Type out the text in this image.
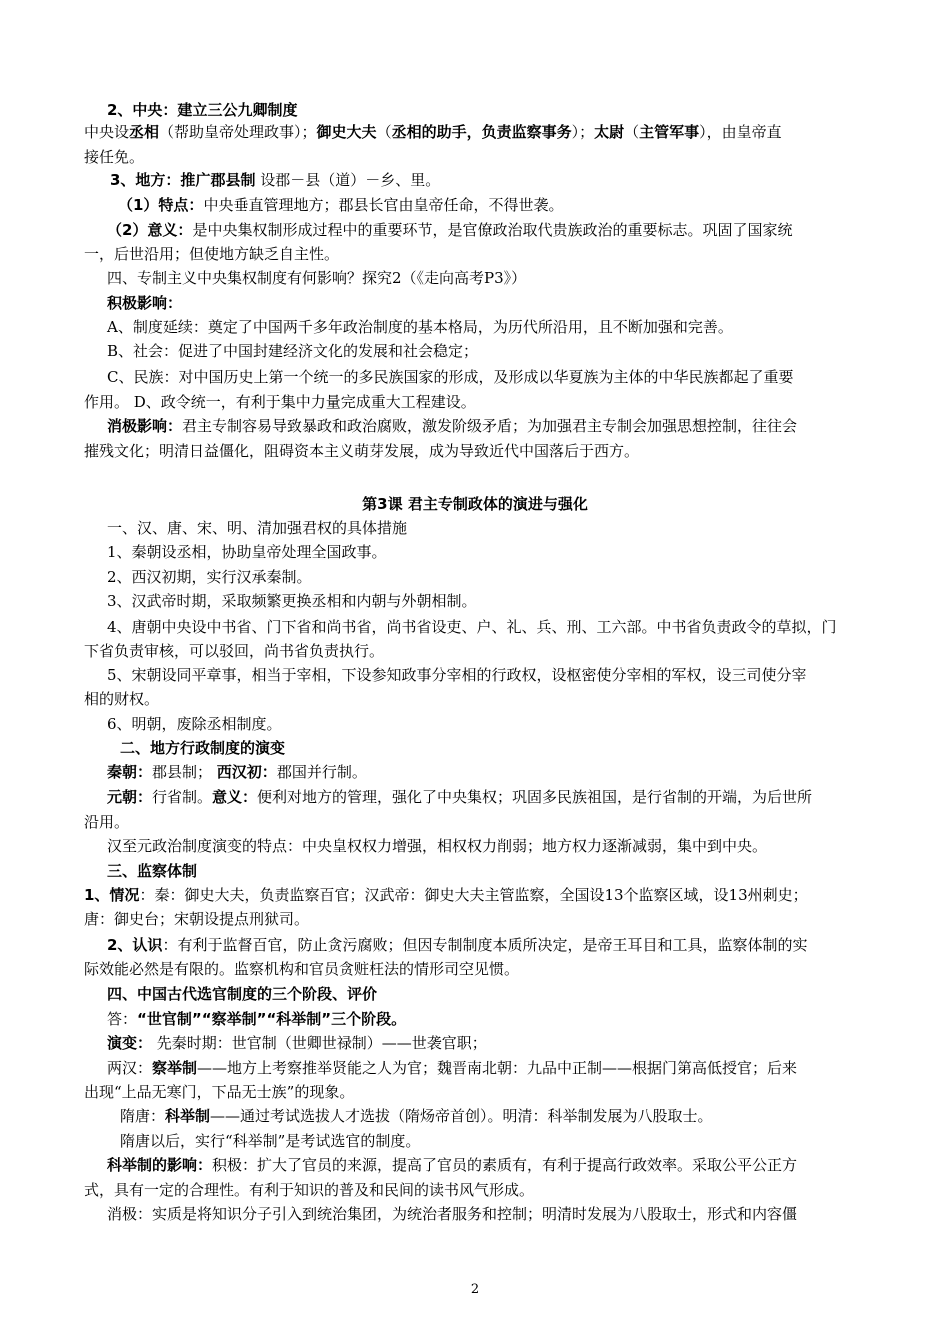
2、中央：建立三公九卿制度
中央设丞相（帮助皇帝处理政事）；御史大夫（丞相的助手，负责监察事务）；太尉（主管军事），由皇帝直
接任免。
3、地方：推广郡县制 设郡－县（道）－乡、里。
（1）特点：中央垂直管理地方；郡县长官由皇帝任命，不得世袭。
（2）意义：是中央集权制形成过程中的重要环节，是官僚政治取代贵族政治的重要标志。巩固了国家统
一，后世沿用；但使地方缺乏自主性。
四、专制主义中央集权制度有何影响？探究2（《走向高考P3》）
积极影响：
A、制度延续：奠定了中国两千多年政治制度的基本格局，为历代所沿用，且不断加强和完善。
B、社会：促进了中国封建经济文化的发展和社会稳定；
C、民族：对中国历史上第一个统一的多民族国家的形成，及形成以华夏族为主体的中华民族都起了重要
作用。 D、政令统一，有利于集中力量完成重大工程建设。
消极影响：君主专制容易导致暴政和政治腐败，激发阶级矛盾；为加强君主专制会加强思想控制，往往会
摧残文化；明清日益僵化，阻碍资本主义萌芽发展，成为导致近代中国落后于西方。
第3课 君主专制政体的演进与强化
一、汉、唐、宋、明、清加强君权的具体措施
1、秦朝设丞相，协助皇帝处理全国政事。
2、西汉初期，实行汉承秦制。
3、汉武帝时期，采取频繁更换丞相和内朝与外朝相制。
4、唐朝中央设中书省、门下省和尚书省，尚书省设吏、户、礼、兵、刑、工六部。中书省负责政令的草拟，门
下省负责审核，可以驳回，尚书省负责执行。
5、宋朝设同平章事，相当于宰相，下设参知政事分宰相的行政权，设枢密使分宰相的军权，设三司使分宰
相的财权。
6、明朝，废除丞相制度。
二、地方行政制度的演变
秦朝：郡县制； 西汉初：郡国并行制。
元朝：行省制。意义：便利对地方的管理，强化了中央集权；巩固多民族祖国，是行省制的开端，为后世所
沿用。
汉至元政治制度演变的特点：中央皇权权力增强，相权权力削弱；地方权力逐渐减弱，集中到中央。
三、监察体制
1、情况：秦：御史大夫，负责监察百官；汉武帝：御史大夫主管监察，全国设13个监察区域，设13州刺史；
唐：御史台；宋朝设提点刑狱司。
2、认识：有利于监督百官，防止贪污腐败；但因专制制度本质所决定，是帝王耳目和工具，监察体制的实
际效能必然是有限的。监察机构和官员贪赃枉法的情形司空见惯。
四、中国古代选官制度的三个阶段、评价
答：“世官制”“察举制”“科举制”三个阶段。
演变： 先秦时期：世官制（世卿世禄制）——世袭官职；
两汉：察举制——地方上考察推举贤能之人为官；魏晋南北朝：九品中正制——根据门第高低授官；后来
出现“上品无寒门，下品无士族”的现象。
隋唐：科举制——通过考试选拔人才选拔（隋炀帝首创）。明清：科举制发展为八股取士。
隋唐以后，实行“科举制”是考试选官的制度。
科举制的影响：积极：扩大了官员的来源，提高了官员的素质有，有利于提高行政效率。采取公平公正方
式，具有一定的合理性。有利于知识的普及和民间的读书风气形成。
消极：实质是将知识分子引入到统治集团，为统治者服务和控制；明清时发展为八股取士，形式和内容僵
2
